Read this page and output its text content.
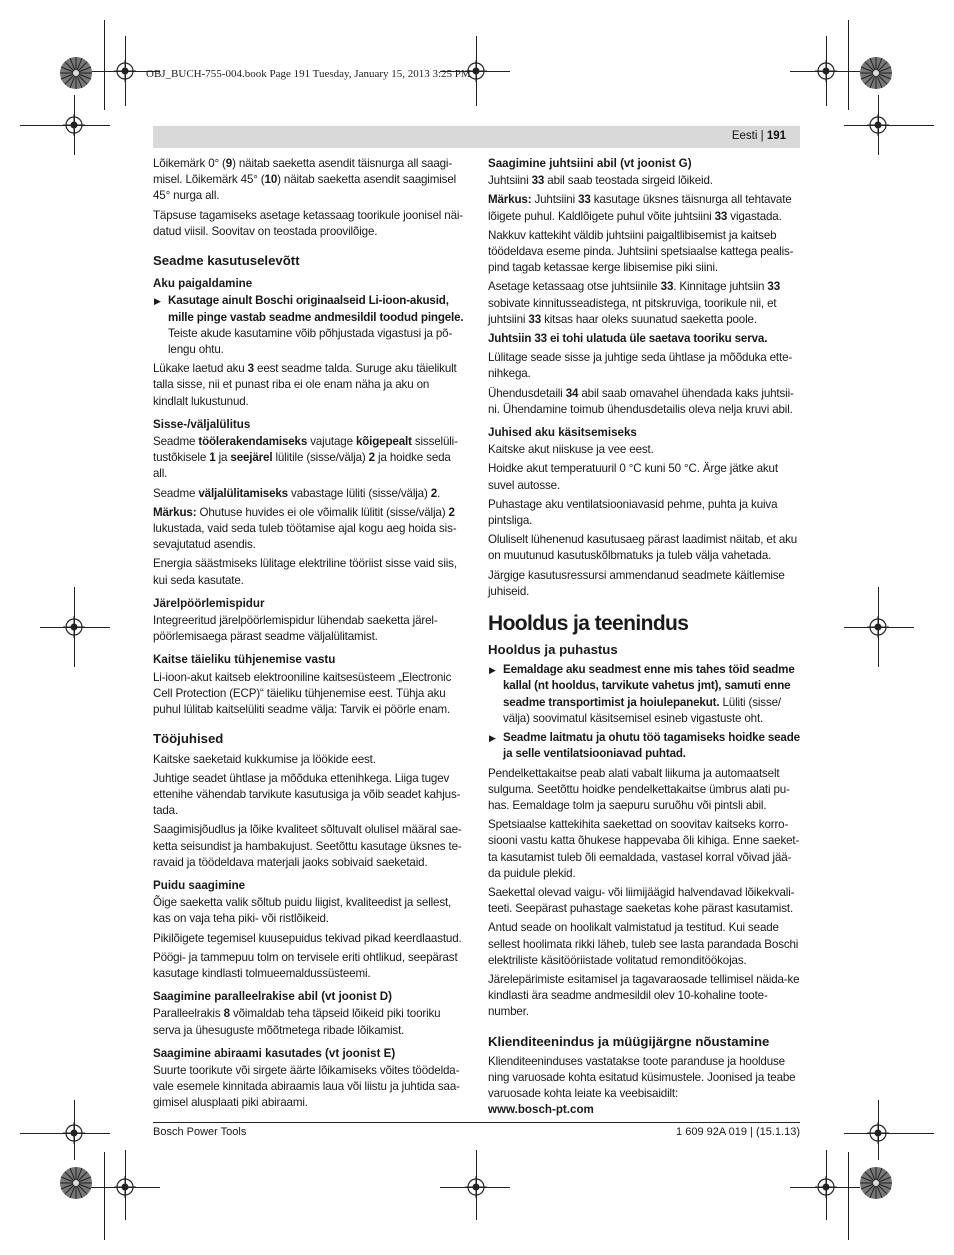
OBJ_BUCH-755-004.book Page 191 Tuesday, January 15, 2013 3:25 PM
Eesti | 191

Lõikemärk 0° (9) näitab saeketta asendit täisnurga all saagi-misel. Lõikemärk 45° (10) näitab saeketta asendit saagimisel 45° nurga all.

Täpsuse tagamiseks asetage ketassaag toorikule joonisel näi-datud viisil. Soovitav on teostada proovilõige.

Seadme kasutuselevõtt
Aku paigaldamine
▶ Kasutage ainult Boschi originaalseid Li-ioon-akusid, mille pinge vastab seadme andmesildil toodud pingele. Teiste akude kasutamine võib põhjustada vigastusi ja põ-lengu ohtu.

Lükake laetud aku 3 eest seadme talda. Suruge aku täielikult talla sisse, nii et punast riba ei ole enam näha ja aku on kindlalt lukustunud.

Sisse-/väljalülitus

Seadme töölerakendamiseks vajutage kõigepealt sisselüli-tustõkisele 1 ja seejärel lülitile (sisse/välja) 2 ja hoidke seda all.

Seadme väljalülitamiseks vabastage lüliti (sisse/välja) 2.

Märkus: Ohutuse huvides ei ole võimalik lülitit (sisse/välja) 2 lukustada, vaid seda tuleb töötamise ajal kogu aeg hoida sis-sevajutatud asendis.

Energia säästmiseks lülitage elektriline tööriist sisse vaid siis, kui seda kasutate.

Järelpöörlemispidur

Integreeritud järelpöörlemispidur lühendab saeketta järel-pöörlemisaega pärast seadme väljalülitamist.

Kaitse täieliku tühjenemise vastu

Li-ioon-akut kaitseb elektrooniline kaitsesüsteem „Electronic Cell Protection (ECP)“ täieliku tühjenemise eest. Tühja aku puhul lülitab kaitselüliti seadme välja: Tarvik ei pöörle enam.

Tööjuhised

Kaitske saeketaid kukkumise ja löökide eest.

Juhtige seadet ühtlase ja mõõduka ettenihkega. Liiga tugev ettenihe vähendab tarvikute kasutusiga ja võib seadet kahjus-tada.

Saagimisjõudlus ja lõike kvaliteet sõltuvalt olulisel määral sae-ketta seisundist ja hambakujust. Seetõttu kasutage üksnes te-ravaid ja töödeldava materjali jaoks sobivaid saeketaid.

Puidu saagimine

Õige saeketta valik sõltub puidu liigist, kvaliteedist ja sellest, kas on vaja teha piki- või ristlõikeid.

Pikilõigete tegemisel kuusepuidus tekivad pikad keerdlaastud.

Pöögi- ja tammepuu tolm on tervisele eriti ohtlikud, seepärast kasutage kindlasti tolmueemaldussüsteemi.

Saagimine paralleelrakise abil (vt joonist D)

Paralleelrakis 8 võimaldab teha täpseid lõikeid piki tooriku serva ja ühesuguste mõõtmetega ribade lõikamist.

Saagimine abiraami kasutades (vt joonist E)

Suurte toorikute või sirgete äärte lõikamiseks võites töödelda-vale esemele kinnitada abiraamis laua või liistu ja juhtida saa-gimisel alusplaati piki abiraami.

Saagimine juhtsiini abil (vt joonist G)

Juhtsiini 33 abil saab teostada sirgeid lõikeid.

Märkus: Juhtsiini 33 kasutage üksnes täisnurga all tehtavate lõigete puhul. Kaldlõigete puhul võite juhtsiini 33 vigastada.

Nakkuv kattekiht väldib juhtsiini paigaltlibisemist ja kaitseb töödeldava eseme pinda. Juhtsiini spetsiaalse kattega pealis-pind tagab ketassae kerge libisemise piki siini.

Asetage ketassaag otse juhtsiinile 33. Kinnitage juhtsiin 33 sobivate kinnitusseadistega, nt pitskruviga, toorikule nii, et juhtsiini 33 kitsas haar oleks suunatud saeketta poole.

Juhtsiin 33 ei tohi ulatuda üle saetava tooriku serva.

Lülitage seade sisse ja juhtige seda ühtlase ja mõõduka ette-nihkega.

Ühendusdetaili 34 abil saab omavahel ühendada kaks juhtsii-ni. Ühendamine toimub ühendusdetailis oleva nelja kruvi abil.

Juhised aku käsitsemiseks

Kaitske akut niiskuse ja vee eest.

Hoidke akut temperatuuril 0 °C kuni 50 °C. Ärge jätke akut suvel autosse.

Puhastage aku ventilatsiooniavasid pehme, puhta ja kuiva pintsliga.

Oluliselt lühenenud kasutusaeg pärast laadimist näitab, et aku on muutunud kasutuskõlbmatuks ja tuleb välja vahetada.

Järgige kasutusressursi ammendanud seadmete käitlemise juhiseid.

Hooldus ja teenindus
Hooldus ja puhastus
▶ Eemaldage aku seadmest enne mis tahes töid seadme kallal (nt hooldus, tarvikute vahetus jmt), samuti enne seadme transportimist ja hoiulepanekut. Lüliti (sisse/ välja) soovimatul käsitsemisel esineb vigastuste oht.
▶ Seadme laitmatu ja ohutu töö tagamiseks hoidke seade ja selle ventilatsiooniavad puhtad.

Pendelkettakaitse peab alati vabalt liikuma ja automaatselt sulguma. Seetõttu hoidke pendelkettakaitse ümbrus alati pu-has. Eemaldage tolm ja saepuru suruõhu või pintsli abil.

Spetsiaalse kattekihita saekettad on soovitav kaitseks korro-siooni vastu katta õhukese happevaba õli kihiga. Enne saeket-ta kasutamist tuleb õli eemaldada, vastasel korral võivad jää-da puidule plekid.

Saekettal olevad vaigu- või liimijäägid halvendavad lõikekvali-teeti. Seepärast puhastage saeketas kohe pärast kasutamist.

Antud seade on hoolikalt valmistatud ja testitud. Kui seade sellest hoolimata rikki läheb, tuleb see lasta parandada Boschi elektriliste käsitööriistade volitatud remonditöökojas.

Järelepärimiste esitamisel ja tagavaraosade tellimisel näida-ke kindlasti ära seadme andmesildil olev 10-kohaline toote-number.

Klienditeenindus ja müügijärgne nõustamine

Klienditeeninduses vastatakse toote paranduse ja hoolduse ning varuosade kohta esitatud küsimustele. Joonised ja teabe varuosade kohta leiate ka veebisaidilt:

www.bosch-pt.com
Bosch Power Tools	1 609 92A 019 | (15.1.13)
